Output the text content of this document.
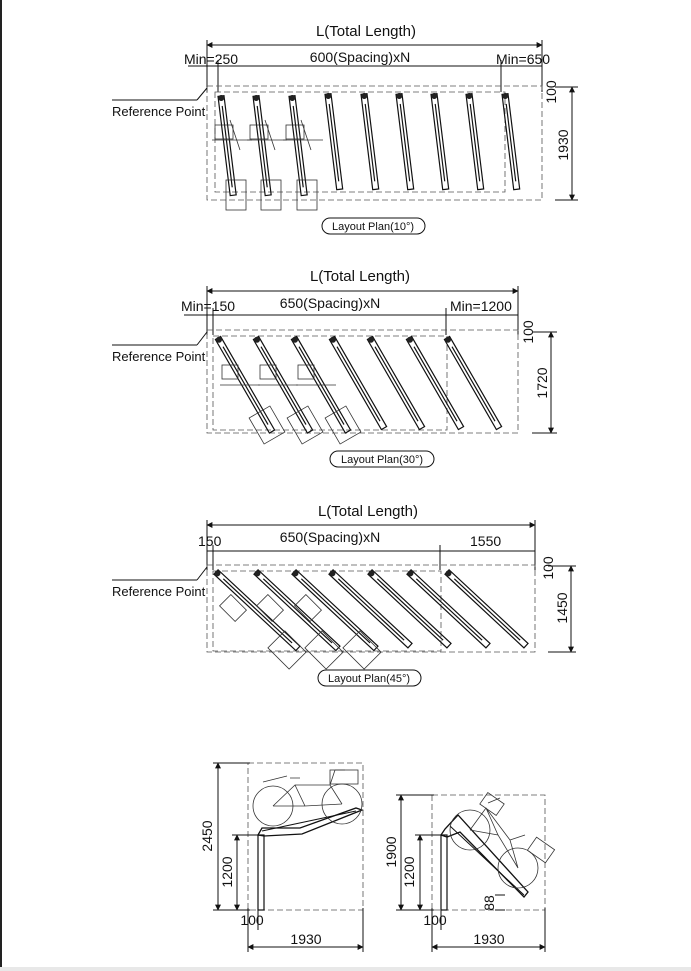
L(Total Length)
Min=250	600(Spacing)xN	Min=650
Reference Point
1930
100
Layout Plan(10°)
L(Total Length)
Min=150	650(Spacing)xN	Min=1200
Reference Point
1720
100
Layout Plan(30°)
L(Total Length)
150	650(Spacing)xN	1550
Reference Point
1450
100
Layout Plan(45°)
2450
1200
100
1930
1900
1200
88
100
1930
